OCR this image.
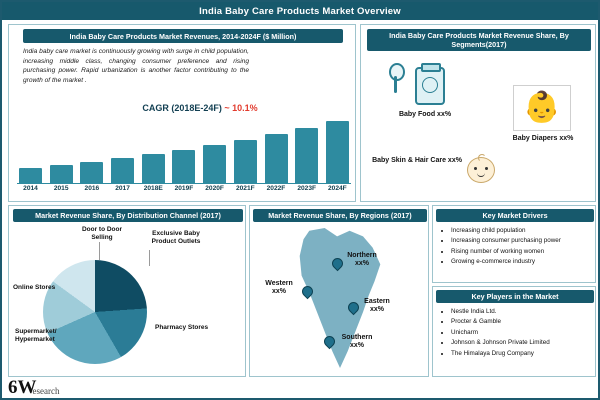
India Baby Care Products Market Overview
India Baby Care Products Market Revenues, 2014-2024F ($ Million)
India baby care market is continuously growing with surge in child population, increasing middle class, changing consumer preference and rising purchasing power. Rapid urbanization is another factor contributing to the growth of the market .
CAGR (2018E-24F) ~ 10.1%
2014	2015	2016	2017	2018E	2019F	2020F	2021F	2022F	2023F	2024F
India Baby Care Products Market Revenue Share, By Segments(2017)
Baby Food xx%	👶
Baby Diapers xx%
Baby Skin & Hair Care xx%
Market Revenue Share, By Distribution Channel (2017)
Door to Door Selling
Exclusive Baby Product Outlets
Online Stores
Supermarket/ Hypermarket
Pharmacy Stores
Market Revenue Share, By Regions (2017)
Northern
xx%
Western
xx%
Eastern
xx%
Southern
xx%
Key Market Drivers
• Increasing child population
• Increasing consumer purchasing power
• Rising number of working women
• Growing e-commerce industry
Key Players in the Market
• Nestle India Ltd.
• Procter & Gamble
• Unicharm
• Johnson & Johnson Private Limited
• The Himalaya Drug Company
6 W
esearch
